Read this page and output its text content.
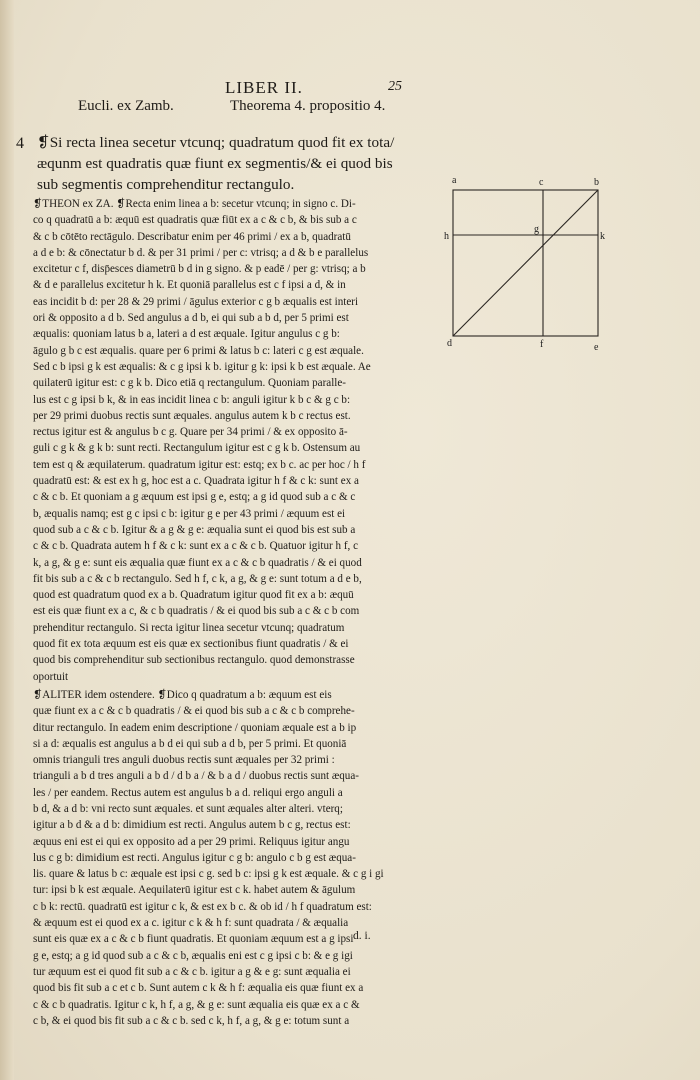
LIBER II.	25
Eucli. ex Zamb.	Theorema 4. propositio 4.
4 ❡Si recta linea secetur vtcunq; quadratum quod fit ex tota/
æqunm est quadratis quæ fiunt ex segmentis/& ei quod bis
sub segmentis comprehenditur rectangulo.
❡THEON ex ZA. ❡Recta enim linea a b: secetur vtcunq; in signo c. Di-
co q quadratū a b: æquū est quadratis quæ fiūt ex a c & c b, & bis sub a c
& c b cōtēto rectāgulo. Describatur enim per 46 primi / ex a b, quadratū
a d e b: & cōnectatur b d. & per 31 primi / per c: vtrisq; a d & b e parallelus
excitetur c f, disp̄esces diametrū b d in g signo. & p eadē / per g: vtrisq; a b
& d e parallelus excitetur h k. Et quoniā parallelus est c f ipsi a d, & in
eas incidit b d: per 28 & 29 primi / āgulus exterior c g b æqualis est interi
ori & opposito a d b. Sed angulus a d b, ei qui sub a b d, per 5 primi est
æqualis: quoniam latus b a, lateri a d est æquale. Igitur angulus c g b:
āgulo g b c est æqualis. quare per 6 primi & latus b c: lateri c g est æquale.
Sed c b ipsi g k est æqualis: & c g ipsi k b. igitur g k: ipsi k b est æquale. Ae
quilaterū igitur est: c g k b. Dico etiā q rectangulum. Quoniam paralle-
lus est c g ipsi b k, & in eas incidit linea c b: anguli igitur k b c & g c b:
per 29 primi duobus rectis sunt æquales. angulus autem k b c rectus est.
rectus igitur est & angulus b c g. Quare per 34 primi / & ex opposito ā-
guli c g k & g k b: sunt recti. Rectangulum igitur est c g k b. Ostensum au
tem est q & æquilaterum. quadratum igitur est: estq; ex b c. ac per hoc / h f
quadratū est: & est ex h g, hoc est a c. Quadrata igitur h f & c k: sunt ex a
c & c b. Et quoniam a g æquum est ipsi g e, estq; a g id quod sub a c & c
b, æqualis namq; est g c ipsi c b: igitur g e per 43 primi / æquum est ei
quod sub a c & c b. Igitur & a g & g e: æqualia sunt ei quod bis est sub a
c & c b. Quadrata autem h f & c k: sunt ex a c & c b. Quatuor igitur h f, c
k, a g, & g e: sunt eis æqualia quæ fiunt ex a c & c b quadratis / & ei quod
fit bis sub a c & c b rectangulo. Sed h f, c k, a g, & g e: sunt totum a d e b,
quod est quadratum quod ex a b. Quadratum igitur quod fit ex a b: æquū
est eis quæ fiunt ex a c, & c b quadratis / & ei quod bis sub a c & c b com
prehenditur rectangulo. Si recta igitur linea secetur vtcunq; quadratum
quod fit ex tota æquum est eis quæ ex sectionibus fiunt quadratis / & ei
quod bis comprehenditur sub sectionibus rectangulo. quod demonstrasse
oportuit
❡ALITER idem ostendere. ❡Dico q quadratum a b: æquum est eis
quæ fiunt ex a c & c b quadratis / & ei quod bis sub a c & c b comprehe-
ditur rectangulo. In eadem enim descriptione / quoniam æquale est a b ip
si a d: æqualis est angulus a b d ei qui sub a d b, per 5 primi. Et quoniā
omnis trianguli tres anguli duobus rectis sunt æquales per 32 primi :
trianguli a b d tres anguli a b d / d b a / & b a d / duobus rectis sunt æqua-
les / per eandem. Rectus autem est angulus b a d. reliqui ergo anguli a
b d, & a d b: vni recto sunt æquales. et sunt æquales alter alteri. vterq;
igitur a b d & a d b: dimidium est recti. Angulus autem b c g, rectus est:
æquus eni est ei qui ex opposito ad a per 29 primi. Reliquus igitur angu
lus c g b: dimidium est recti. Angulus igitur c g b: angulo c b g est æqua-
lis. quare & latus b c: æquale est ipsi c g. sed b c: ipsi g k est æquale. & c g i gi
tur: ipsi b k est æquale. Aequilaterū igitur est c k. habet autem & āgulum
c b k: rectū. quadratū est igitur c k, & est ex b c. & ob id / h f quadratum est:
& æquum est ei quod ex a c. igitur c k & h f: sunt quadrata / & æqualia
sunt eis quæ ex a c & c b fiunt quadratis. Et quoniam æquum est a g ipsi
g e, estq; a g id quod sub a c & c b, æqualis eni est c g ipsi c b: & e g igi
tur æquum est ei quod fit sub a c & c b. igitur a g & e g: sunt æqualia ei
quod bis fit sub a c et c b. Sunt autem c k & h f: æqualia eis quæ fiunt ex a
c & c b quadratis. Igitur c k, h f, a g, & g e: sunt æqualia eis quæ ex a c &
c b, & ei quod bis fit sub a c & c b. sed c k, h f, a g, & g e: totum sunt a
d. i.
a	c	b
h
g
k
d	f	e
